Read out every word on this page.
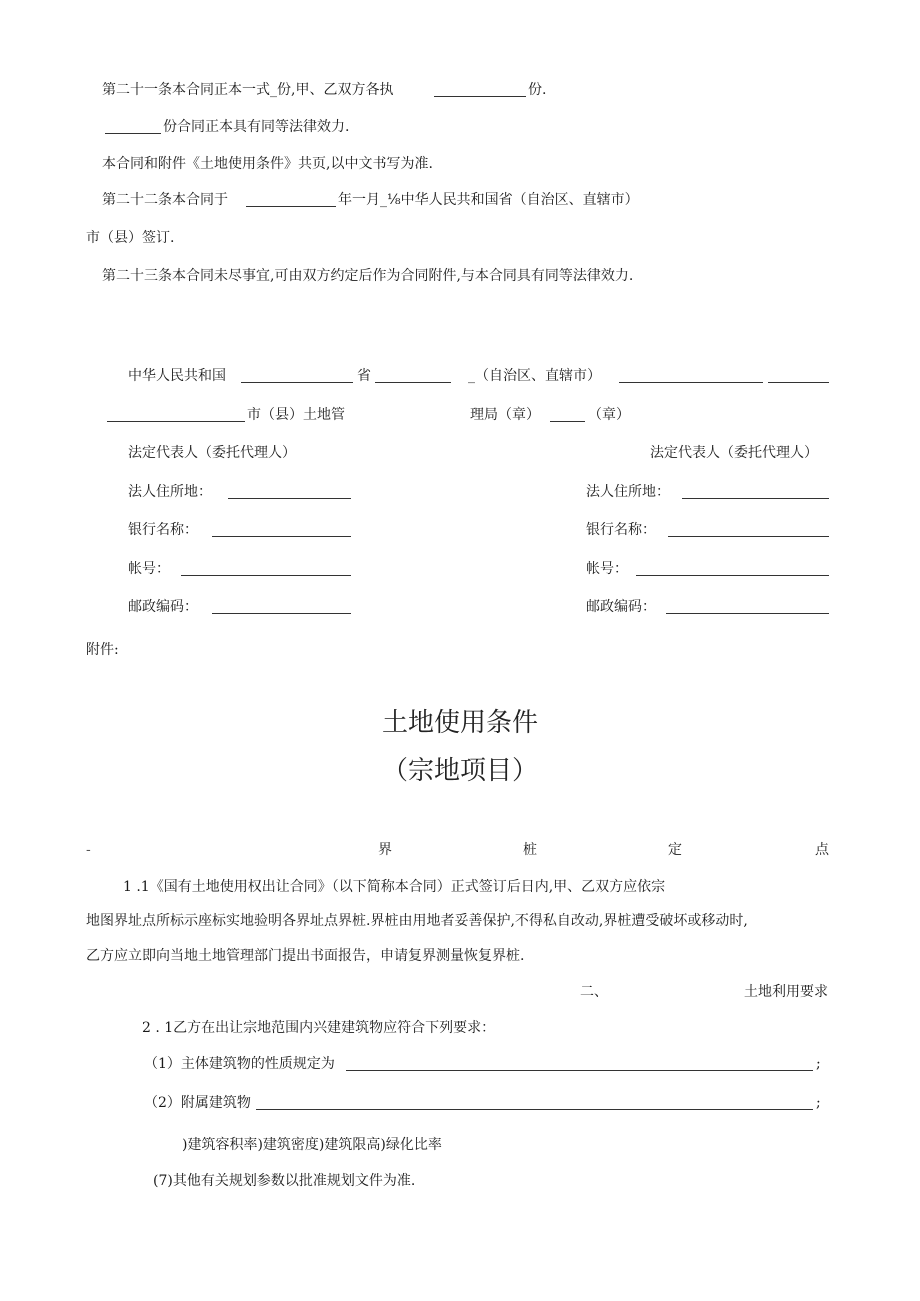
第二十一条本合同正本一式_份,甲、乙双方各执	份.
份合同正本具有同等法律效力.
本合同和附件《土地使用条件》共页,以中文书写为准.
第二十二条本合同于	年一月_⅛中华人民共和国省（自治区、直辖市）
市（县）签订.
第二十三条本合同未尽事宜,可由双方约定后作为合同附件,与本合同具有同等法律效力.
中华人民共和国	省	_（自治区、直辖市）
市（县）土地管	理局（章）	（章）
法定代表人（委托代理人）	法定代表人（委托代理人）
法人住所地：	法人住所地：
银行名称：	银行名称：
帐号：	帐号：
邮政编码：	邮政编码：
附件:
土地使用条件
（宗地项目）
-	界	桩	定	点
1 .1《国有土地使用权出让合同》（以下简称本合同）正式签订后日内,甲、乙双方应依宗
地图界址点所标示座标实地验明各界址点界桩.界桩由用地者妥善保护,不得私自改动,界桩遭受破坏或移动时,
乙方应立即向当地土地管理部门提出书面报告，申请复界测量恢复界桩.
二、	土地利用要求
2 . 1乙方在出让宗地范围内兴建建筑物应符合下列要求：
（1）主体建筑物的性质规定为	;
（2）附属建筑物	;
)建筑容积率)建筑密度)建筑限高)绿化比率
(7)其他有关规划参数以批准规划文件为准.
